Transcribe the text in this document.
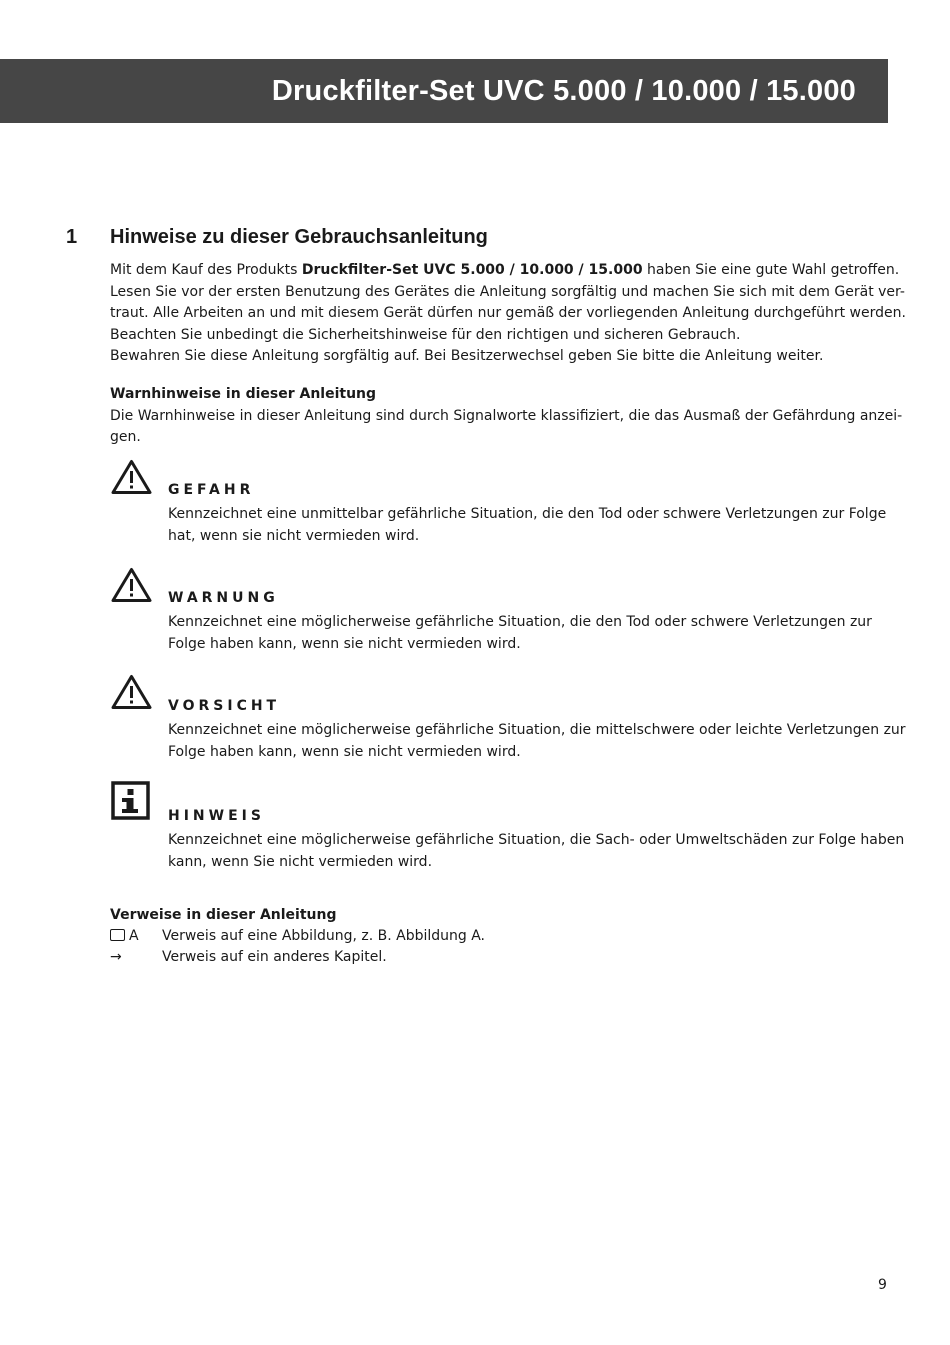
Druckfilter-Set UVC 5.000 / 10.000 / 15.000
1 Hinweise zu dieser Gebrauchsanleitung
Mit dem Kauf des Produkts Druckfilter-Set UVC 5.000 / 10.000 / 15.000 haben Sie eine gute Wahl getroffen.
Lesen Sie vor der ersten Benutzung des Gerätes die Anleitung sorgfältig und machen Sie sich mit dem Gerät ver-
traut. Alle Arbeiten an und mit diesem Gerät dürfen nur gemäß der vorliegenden Anleitung durchgeführt werden.
Beachten Sie unbedingt die Sicherheitshinweise für den richtigen und sicheren Gebrauch.
Bewahren Sie diese Anleitung sorgfältig auf. Bei Besitzerwechsel geben Sie bitte die Anleitung weiter.
Warnhinweise in dieser Anleitung
Die Warnhinweise in dieser Anleitung sind durch Signalworte klassifiziert, die das Ausmaß der Gefährdung anzei-
gen.
GEFAHR
Kennzeichnet eine unmittelbar gefährliche Situation, die den Tod oder schwere Verletzungen zur Folge
hat, wenn sie nicht vermieden wird.
WARNUNG
Kennzeichnet eine möglicherweise gefährliche Situation, die den Tod oder schwere Verletzungen zur
Folge haben kann, wenn sie nicht vermieden wird.
VORSICHT
Kennzeichnet eine möglicherweise gefährliche Situation, die mittelschwere oder leichte Verletzungen zur
Folge haben kann, wenn sie nicht vermieden wird.
HINWEIS
Kennzeichnet eine möglicherweise gefährliche Situation, die Sach- oder Umweltschäden zur Folge haben
kann, wenn Sie nicht vermieden wird.
Verweise in dieser Anleitung
A	Verweis auf eine Abbildung, z. B. Abbildung A.
→	Verweis auf ein anderes Kapitel.
9
